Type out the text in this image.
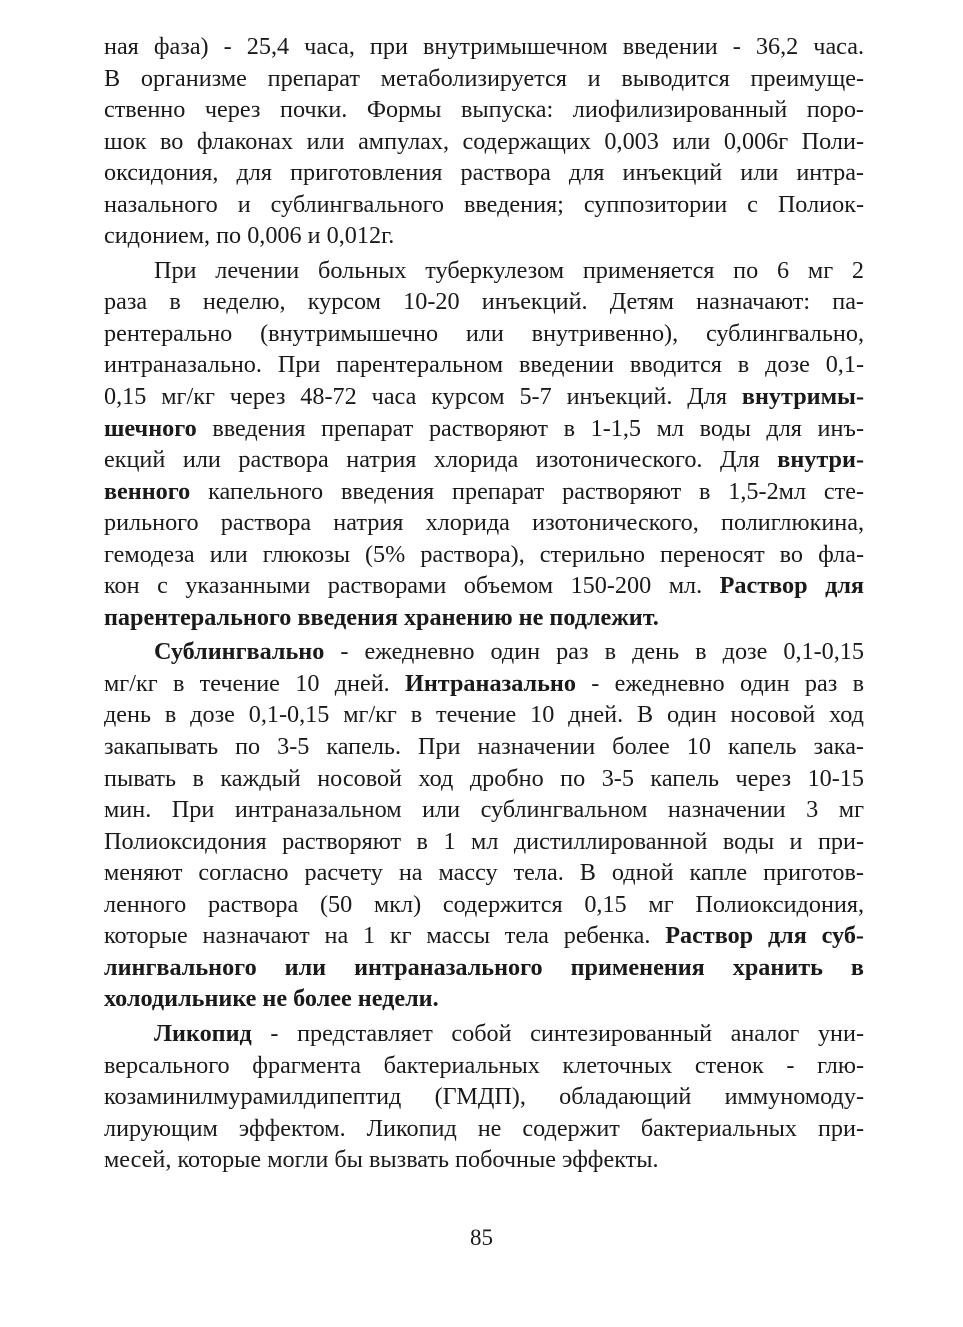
ная фаза) - 25,4 часа, при внутримышечном введении - 36,2 часа.
В организме препарат метаболизируется и выводится преимуще-
ственно через почки. Формы выпуска: лиофилизированный поро-
шок во флаконах или ампулах, содержащих 0,003 или 0,006г Поли-
оксидония, для приготовления раствора для инъекций или интра-
назального и сублингвального введения; суппозитории с Полиок-
сидонием, по 0,006 и 0,012г.
При лечении больных туберкулезом применяется по 6 мг 2
раза в неделю, курсом 10-20 инъекций. Детям назначают: па-
рентерально (внутримышечно или внутривенно), сублингвально,
интраназально. При парентеральном введении вводится в дозе 0,1-
0,15 мг/кг через 48-72 часа курсом 5-7 инъекций. Для внутримы-
шечного введения препарат растворяют в 1-1,5 мл воды для инъ-
екций или раствора натрия хлорида изотонического. Для внутри-
венного капельного введения препарат растворяют в 1,5-2мл сте-
рильного раствора натрия хлорида изотонического, полиглюкина,
гемодеза или глюкозы (5% раствора), стерильно переносят во фла-
кон с указанными растворами объемом 150-200 мл. Раствор для
парентерального введения хранению не подлежит.
Сублингвально - ежедневно один раз в день в дозе 0,1-0,15
мг/кг в течение 10 дней. Интраназально - ежедневно один раз в
день в дозе 0,1-0,15 мг/кг в течение 10 дней. В один носовой ход
закапывать по 3-5 капель. При назначении более 10 капель зака-
пывать в каждый носовой ход дробно по 3-5 капель через 10-15
мин. При интраназальном или сублингвальном назначении 3 мг
Полиоксидония растворяют в 1 мл дистиллированной воды и при-
меняют согласно расчету на массу тела. В одной капле приготов-
ленного раствора (50 мкл) содержится 0,15 мг Полиоксидония,
которые назначают на 1 кг массы тела ребенка. Раствор для суб-
лингвального или интраназального применения хранить в
холодильнике не более недели.
Ликопид - представляет собой синтезированный аналог уни-
версального фрагмента бактериальных клеточных стенок - глю-
козаминилмурамилдипептид (ГМДП), обладающий иммуномоду-
лирующим эффектом. Ликопид не содержит бактериальных при-
месей, которые могли бы вызвать побочные эффекты.
85
